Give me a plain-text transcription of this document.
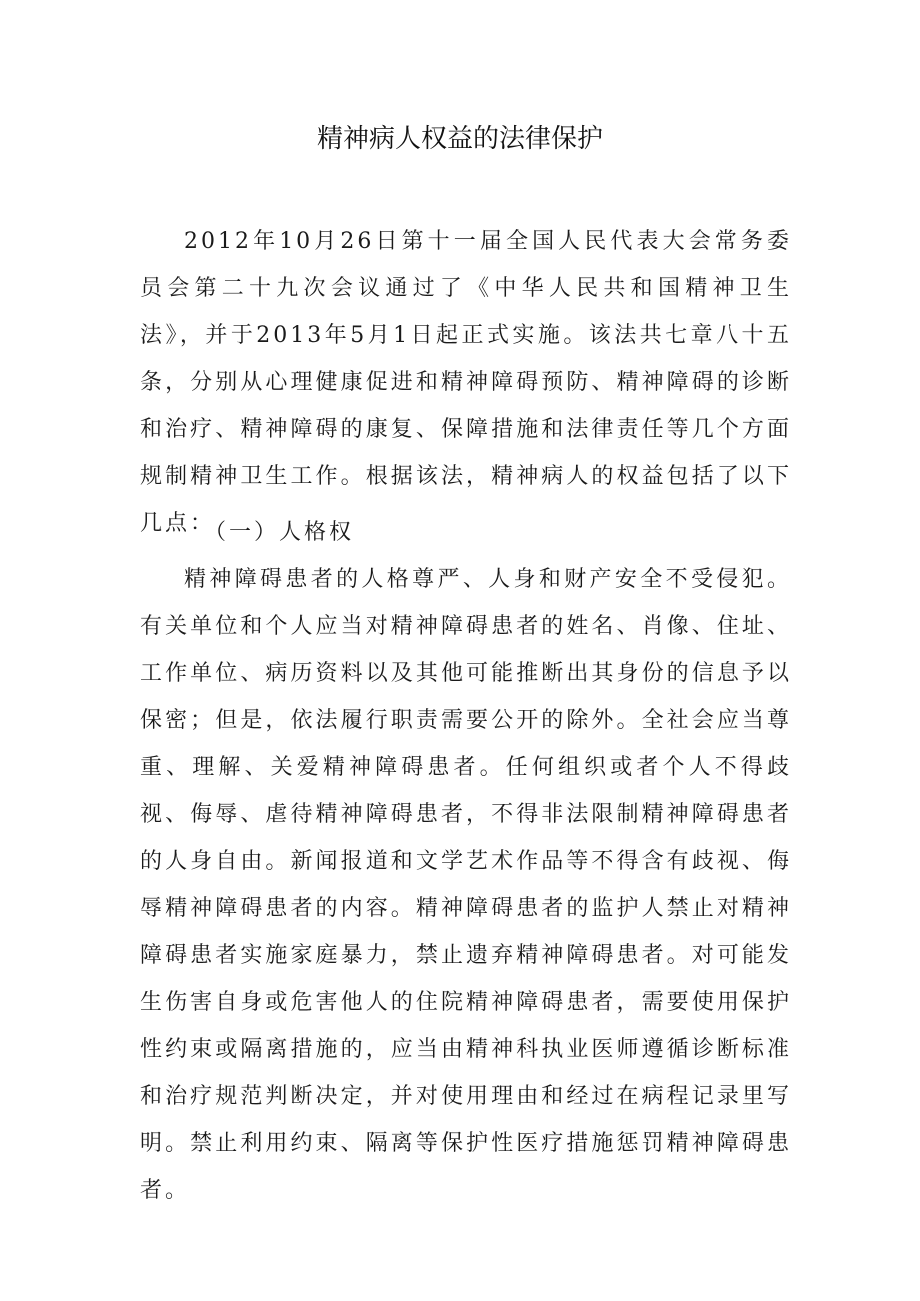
精神病人权益的法律保护

2012年10月26日第十一届全国人民代表大会常务委员会第二十九次会议通过了《中华人民共和国精神卫生法》，并于2013年5月1日起正式实施。该法共七章八十五条，分别从心理健康促进和精神障碍预防、精神障碍的诊断和治疗、精神障碍的康复、保障措施和法律责任等几个方面规制精神卫生工作。根据该法，精神病人的权益包括了以下几点：

（一）人格权

精神障碍患者的人格尊严、人身和财产安全不受侵犯。有关单位和个人应当对精神障碍患者的姓名、肖像、住址、工作单位、病历资料以及其他可能推断出其身份的信息予以保密；但是，依法履行职责需要公开的除外。全社会应当尊重、理解、关爱精神障碍患者。任何组织或者个人不得歧视、侮辱、虐待精神障碍患者，不得非法限制精神障碍患者的人身自由。新闻报道和文学艺术作品等不得含有歧视、侮辱精神障碍患者的内容。精神障碍患者的监护人禁止对精神障碍患者实施家庭暴力，禁止遗弃精神障碍患者。对可能发生伤害自身或危害他人的住院精神障碍患者，需要使用保护性约束或隔离措施的，应当由精神科执业医师遵循诊断标准和治疗规范判断决定，并对使用理由和经过在病程记录里写明。禁止利用约束、隔离等保护性医疗措施惩罚精神障碍患者。
